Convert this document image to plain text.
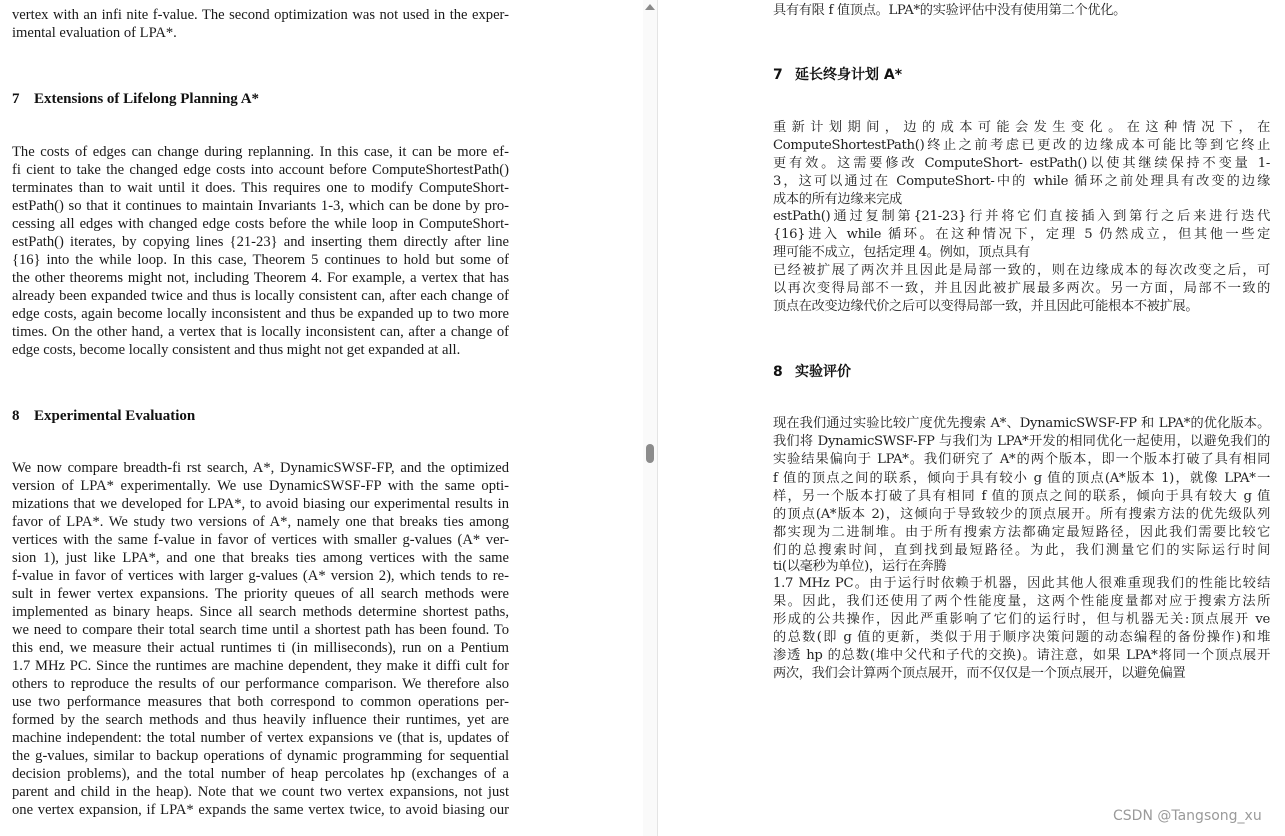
vertex with an infi nite f-value. The second optimization was not used in the exper-
imental evaluation of LPA*.
7 Extensions of Lifelong Planning A*
The costs of edges can change during replanning. In this case, it can be more ef-
fi cient to take the changed edge costs into account before ComputeShortestPath()
terminates than to wait until it does. This requires one to modify ComputeShort-
estPath() so that it continues to maintain Invariants 1-3, which can be done by pro-
cessing all edges with changed edge costs before the while loop in ComputeShort-
estPath() iterates, by copying lines {21-23} and inserting them directly after line
{16} into the while loop. In this case, Theorem 5 continues to hold but some of
the other theorems might not, including Theorem 4. For example, a vertex that has
already been expanded twice and thus is locally consistent can, after each change of
edge costs, again become locally inconsistent and thus be expanded up to two more
times. On the other hand, a vertex that is locally inconsistent can, after a change of
edge costs, become locally consistent and thus might not get expanded at all.
8 Experimental Evaluation
We now compare breadth-fi rst search, A*, DynamicSWSF-FP, and the optimized
version of LPA* experimentally. We use DynamicSWSF-FP with the same opti-
mizations that we developed for LPA*, to avoid biasing our experimental results in
favor of LPA*. We study two versions of A*, namely one that breaks ties among
vertices with the same f-value in favor of vertices with smaller g-values (A* ver-
sion 1), just like LPA*, and one that breaks ties among vertices with the same
f-value in favor of vertices with larger g-values (A* version 2), which tends to re-
sult in fewer vertex expansions. The priority queues of all search methods were
implemented as binary heaps. Since all search methods determine shortest paths,
we need to compare their total search time until a shortest path has been found. To
this end, we measure their actual runtimes ti (in milliseconds), run on a Pentium
1.7 MHz PC. Since the runtimes are machine dependent, they make it diffi cult for
others to reproduce the results of our performance comparison. We therefore also
use two performance measures that both correspond to common operations per-
formed by the search methods and thus heavily influence their runtimes, yet are
machine independent: the total number of vertex expansions ve (that is, updates of
the g-values, similar to backup operations of dynamic programming for sequential
decision problems), and the total number of heap percolates hp (exchanges of a
parent and child in the heap). Note that we count two vertex expansions, not just
one vertex expansion, if LPA* expands the same vertex twice, to avoid biasing our
具有有限 f 值顶点。LPA*的实验评估中没有使用第二个优化。
7 延长终身计划 A*
重 新 计 划 期 间 ， 边 的 成 本 可 能 会 发 生 变 化 。 在 这 种 情 况 下 ， 在
ComputeShortestPath()终止之前考虑已更改的边缘成本可能比等到它终止
更有效。这需要修改 ComputeShort- estPath()以使其继续保持不变量 1-
3，这可以通过在 ComputeShort-中的 while 循环之前处理具有改变的边缘
成本的所有边缘来完成
estPath()通过复制第{21-23}行并将它们直接插入到第行之后来进行迭代
{16}进入 while 循环。在这种情况下，定理 5 仍然成立，但其他一些定
理可能不成立，包括定理 4。例如，顶点具有
已经被扩展了两次并且因此是局部一致的，则在边缘成本的每次改变之后，可
以再次变得局部不一致，并且因此被扩展最多两次。另一方面，局部不一致的
顶点在改变边缘代价之后可以变得局部一致，并且因此可能根本不被扩展。
8 实验评价
现在我们通过实验比较广度优先搜索 A*、DynamicSWSF-FP 和 LPA*的优化版本。
我们将 DynamicSWSF-FP 与我们为 LPA*开发的相同优化一起使用，以避免我们的
实验结果偏向于 LPA*。我们研究了 A*的两个版本，即一个版本打破了具有相同
f 值的顶点之间的联系，倾向于具有较小 g 值的顶点(A*版本 1)，就像 LPA*一
样，另一个版本打破了具有相同 f 值的顶点之间的联系，倾向于具有较大 g 值
的顶点(A*版本 2)，这倾向于导致较少的顶点展开。所有搜索方法的优先级队列
都实现为二进制堆。由于所有搜索方法都确定最短路径，因此我们需要比较它
们的总搜索时间，直到找到最短路径。为此，我们测量它们的实际运行时间
ti(以毫秒为单位)，运行在奔腾
1.7 MHz PC。由于运行时依赖于机器，因此其他人很难重现我们的性能比较结
果。因此，我们还使用了两个性能度量，这两个性能度量都对应于搜索方法所
形成的公共操作，因此严重影响了它们的运行时，但与机器无关:顶点展开 ve
的总数(即 g 值的更新，类似于用于顺序决策问题的动态编程的备份操作)和堆
渗透 hp 的总数(堆中父代和子代的交换)。请注意，如果 LPA*将同一个顶点展开
两次，我们会计算两个顶点展开，而不仅仅是一个顶点展开，以避免偏置
CSDN @Tangsong_xu
